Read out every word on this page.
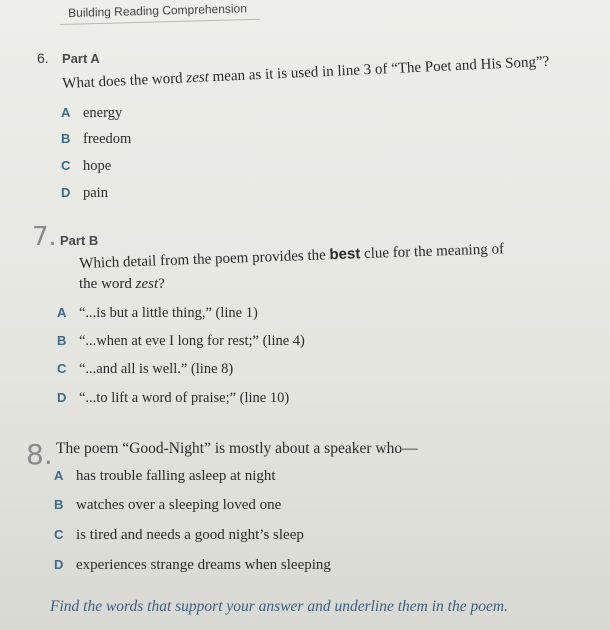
Building Reading Comprehension
6. Part A
What does the word zest mean as it is used in line 3 of “The Poet and His Song”?
A energy
B freedom
C hope
D pain
7. Part B
Which detail from the poem provides the best clue for the meaning of
the word zest?
A “...is but a little thing,” (line 1)
B “...when at eve I long for rest;” (line 4)
C “...and all is well.” (line 8)
D “...to lift a word of praise;” (line 10)
8. The poem “Good-Night” is mostly about a speaker who—
A has trouble falling asleep at night
B watches over a sleeping loved one
C is tired and needs a good night’s sleep
D experiences strange dreams when sleeping
Find the words that support your answer and underline them in the poem.
